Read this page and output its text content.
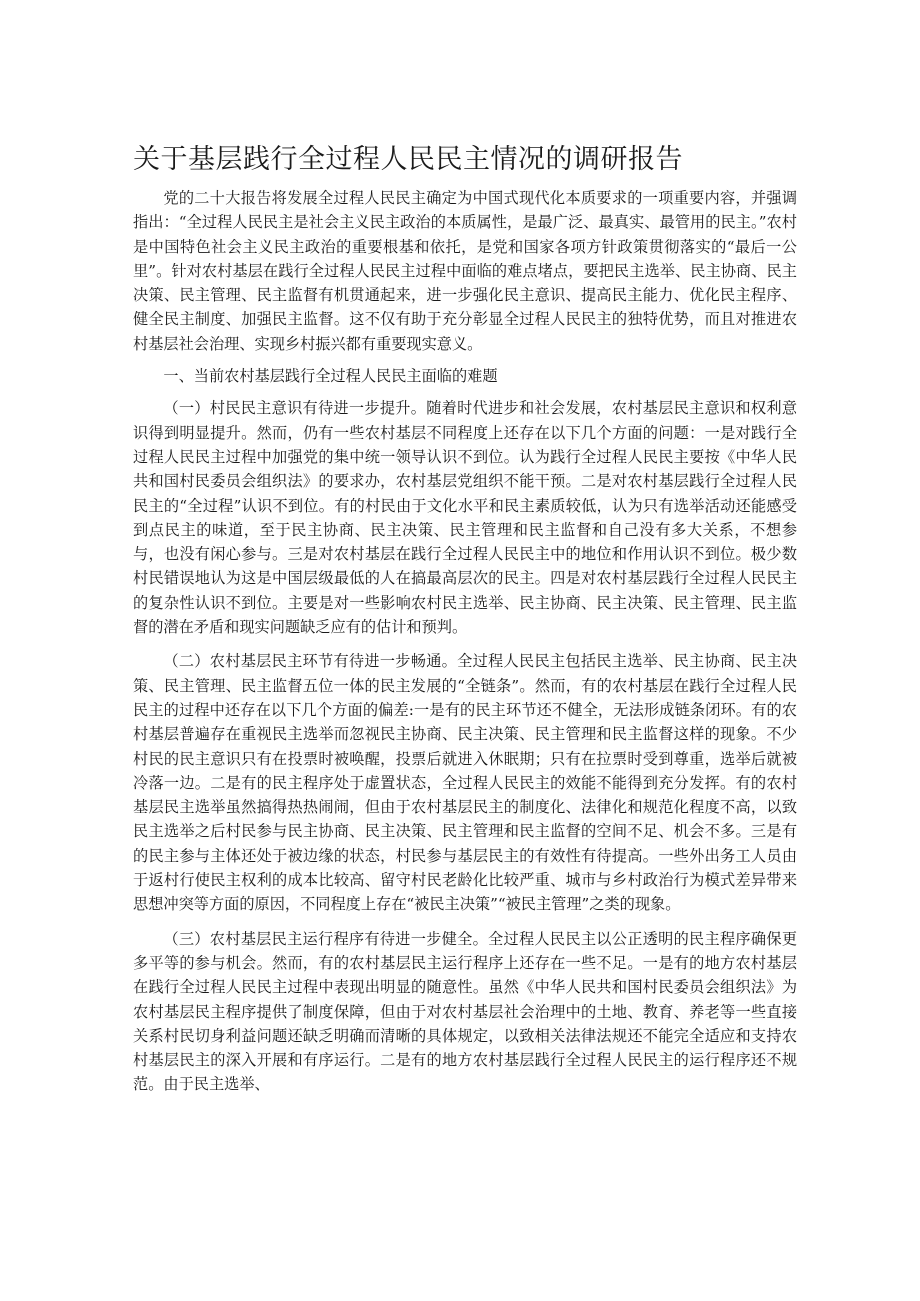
关于基层践行全过程人民民主情况的调研报告

党的二十大报告将发展全过程人民民主确定为中国式现代化本质要求的一项重要内容，并强调指出：“全过程人民民主是社会主义民主政治的本质属性，是最广泛、最真实、最管用的民主。”农村是中国特色社会主义民主政治的重要根基和依托，是党和国家各项方针政策贯彻落实的“最后一公里”。针对农村基层在践行全过程人民民主过程中面临的难点堵点，要把民主选举、民主协商、民主决策、民主管理、民主监督有机贯通起来，进一步强化民主意识、提高民主能力、优化民主程序、健全民主制度、加强民主监督。这不仅有助于充分彰显全过程人民民主的独特优势，而且对推进农村基层社会治理、实现乡村振兴都有重要现实意义。

一、当前农村基层践行全过程人民民主面临的难题

（一）村民民主意识有待进一步提升。随着时代进步和社会发展，农村基层民主意识和权利意识得到明显提升。然而，仍有一些农村基层不同程度上还存在以下几个方面的问题：一是对践行全过程人民民主过程中加强党的集中统一领导认识不到位。认为践行全过程人民民主要按《中华人民共和国村民委员会组织法》的要求办，农村基层党组织不能干预。二是对农村基层践行全过程人民民主的“全过程”认识不到位。有的村民由于文化水平和民主素质较低，认为只有选举活动还能感受到点民主的味道，至于民主协商、民主决策、民主管理和民主监督和自己没有多大关系，不想参与，也没有闲心参与。三是对农村基层在践行全过程人民民主中的地位和作用认识不到位。极少数村民错误地认为这是中国层级最低的人在搞最高层次的民主。四是对农村基层践行全过程人民民主的复杂性认识不到位。主要是对一些影响农村民主选举、民主协商、民主决策、民主管理、民主监督的潜在矛盾和现实问题缺乏应有的估计和预判。

（二）农村基层民主环节有待进一步畅通。全过程人民民主包括民主选举、民主协商、民主决策、民主管理、民主监督五位一体的民主发展的“全链条”。然而，有的农村基层在践行全过程人民民主的过程中还存在以下几个方面的偏差:一是有的民主环节还不健全，无法形成链条闭环。有的农村基层普遍存在重视民主选举而忽视民主协商、民主决策、民主管理和民主监督这样的现象。不少村民的民主意识只有在投票时被唤醒，投票后就进入休眠期；只有在拉票时受到尊重，选举后就被冷落一边。二是有的民主程序处于虚置状态，全过程人民民主的效能不能得到充分发挥。有的农村基层民主选举虽然搞得热热闹闹，但由于农村基层民主的制度化、法律化和规范化程度不高，以致民主选举之后村民参与民主协商、民主决策、民主管理和民主监督的空间不足、机会不多。三是有的民主参与主体还处于被边缘的状态，村民参与基层民主的有效性有待提高。一些外出务工人员由于返村行使民主权利的成本比较高、留守村民老龄化比较严重、城市与乡村政治行为模式差异带来思想冲突等方面的原因，不同程度上存在“被民主决策”“被民主管理”之类的现象。

（三）农村基层民主运行程序有待进一步健全。全过程人民民主以公正透明的民主程序确保更多平等的参与机会。然而，有的农村基层民主运行程序上还存在一些不足。一是有的地方农村基层在践行全过程人民民主过程中表现出明显的随意性。虽然《中华人民共和国村民委员会组织法》为农村基层民主程序提供了制度保障，但由于对农村基层社会治理中的土地、教育、养老等一些直接关系村民切身利益问题还缺乏明确而清晰的具体规定，以致相关法律法规还不能完全适应和支持农村基层民主的深入开展和有序运行。二是有的地方农村基层践行全过程人民民主的运行程序还不规范。由于民主选举、
